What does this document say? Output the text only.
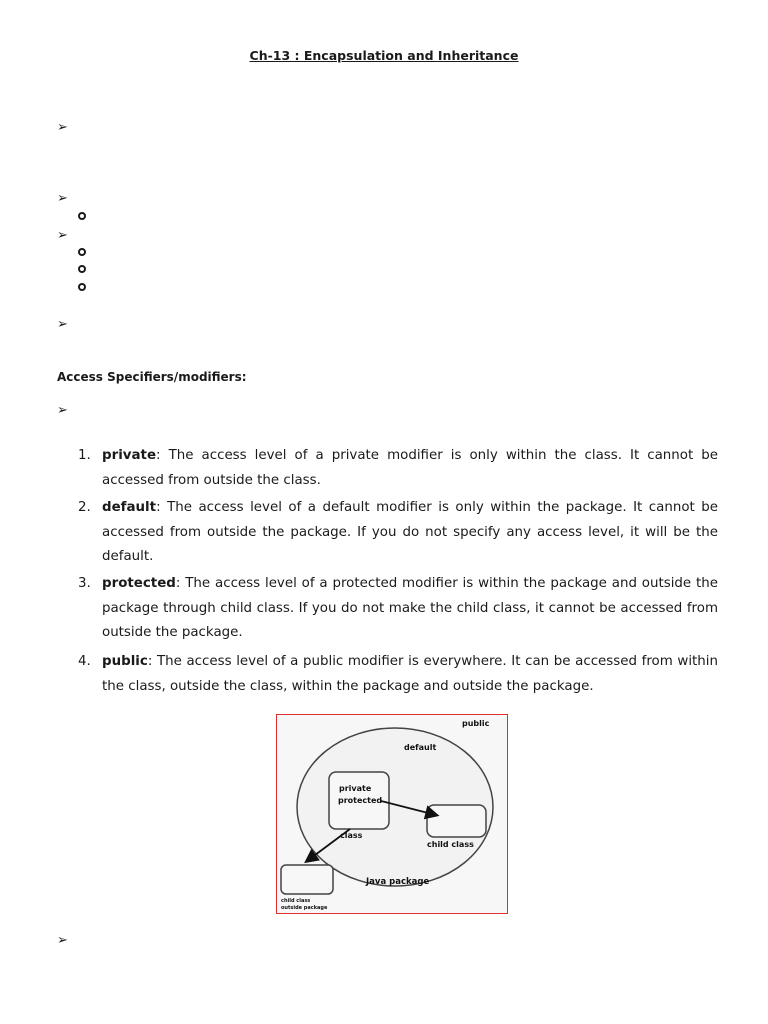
Ch-13 : Encapsulation and Inheritance
➢
➢
➢
➢
Access Specifiers/modifiers:
➢
1. private: The access level of a private modifier is only within the class. It cannot be accessed from outside the class.
2. default: The access level of a default modifier is only within the package. It cannot be accessed from outside the package. If you do not specify any access level, it will be the default.
3. protected: The access level of a protected modifier is within the package and outside the package through child class. If you do not make the child class, it cannot be accessed from outside the package.
4. public: The access level of a public modifier is everywhere. It can be accessed from within the class, outside the class, within the package and outside the package.
public
default
private
protected
class
child class
Java package
child class
outside package
➢
